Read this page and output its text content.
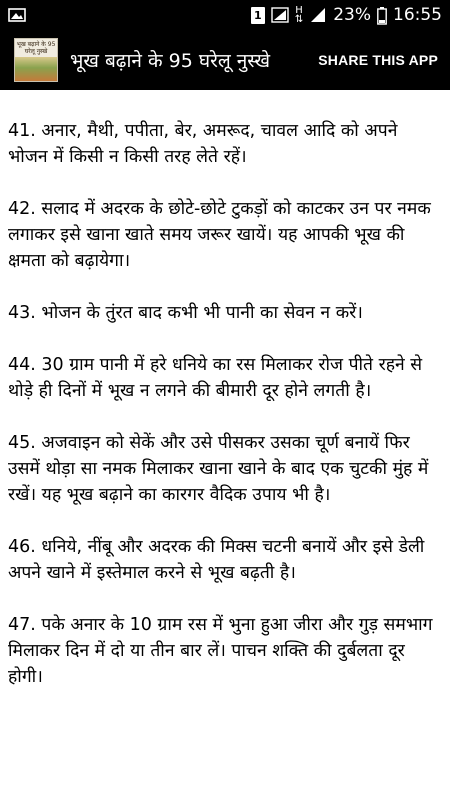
1	H
⇅ 23% 16:55
भूख बढ़ाने के 95 घरेलू नुस्खे	भूख बढ़ाने के 95 घरेलू नुस्खे	SHARE THIS APP

41. अनार, मैथी, पपीता, बेर, अमरूद, चावल आदि को अपने भोजन में किसी न किसी तरह लेते रहें।

42. सलाद में अदरक के छोटे-छोटे टुकड़ों को काटकर उन पर नमक लगाकर इसे खाना खाते समय जरूर खायें। यह आपकी भूख की क्षमता को बढ़ायेगा।

43. भोजन के तुंरत बाद कभी भी पानी का सेवन न करें।

44. 30 ग्राम पानी में हरे धनिये का रस मिलाकर रोज पीते रहने से थोड़े ही दिनों में भूख न लगने की बीमारी दूर होने लगती है।

45. अजवाइन को सेकें और उसे पीसकर उसका चूर्ण बनायें फिर उसमें थोड़ा सा नमक मिलाकर खाना खाने के बाद एक चुटकी मुंह में रखें। यह भूख बढ़ाने का कारगर वैदिक उपाय भी है।

46. धनिये, नींबू और अदरक की मिक्स चटनी बनायें और इसे डेली अपने खाने में इस्तेमाल करने से भूख बढ़ती है।

47. पके अनार के 10 ग्राम रस में भुना हुआ जीरा और गुड़ समभाग मिलाकर दिन में दो या तीन बार लें। पाचन शक्ति की दुर्बलता दूर होगी।
